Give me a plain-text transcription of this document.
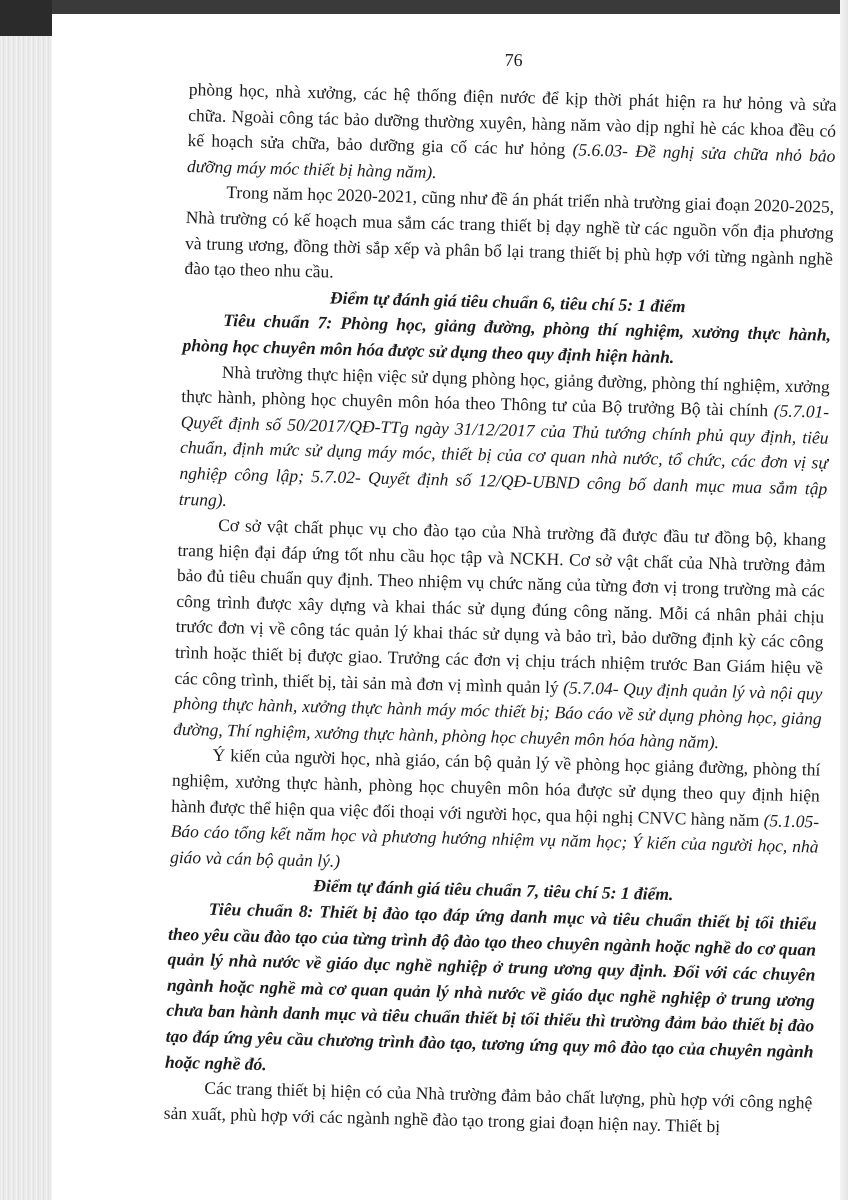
76

phòng học, nhà xưởng, các hệ thống điện nước để kịp thời phát hiện ra hư hỏng và sửa chữa. Ngoài công tác bảo dưỡng thường xuyên, hàng năm vào dịp nghỉ hè các khoa đều có kế hoạch sửa chữa, bảo dưỡng gia cố các hư hỏng (5.6.03- Đề nghị sửa chữa nhỏ bảo dưỡng máy móc thiết bị hàng năm).

Trong năm học 2020-2021, cũng như đề án phát triển nhà trường giai đoạn 2020-2025, Nhà trường có kế hoạch mua sắm các trang thiết bị dạy nghề từ các nguồn vốn địa phương và trung ương, đồng thời sắp xếp và phân bổ lại trang thiết bị phù hợp với từng ngành nghề đào tạo theo nhu cầu.

Điểm tự đánh giá tiêu chuẩn 6, tiêu chí 5: 1 điểm

Tiêu chuẩn 7: Phòng học, giảng đường, phòng thí nghiệm, xưởng thực hành, phòng học chuyên môn hóa được sử dụng theo quy định hiện hành.

Nhà trường thực hiện việc sử dụng phòng học, giảng đường, phòng thí nghiệm, xưởng thực hành, phòng học chuyên môn hóa theo Thông tư của Bộ trưởng Bộ tài chính (5.7.01- Quyết định số 50/2017/QĐ-TTg ngày 31/12/2017 của Thủ tướng chính phủ quy định, tiêu chuẩn, định mức sử dụng máy móc, thiết bị của cơ quan nhà nước, tổ chức, các đơn vị sự nghiệp công lập; 5.7.02- Quyết định số 12/QĐ-UBND công bố danh mục mua sắm tập trung).

Cơ sở vật chất phục vụ cho đào tạo của Nhà trường đã được đầu tư đồng bộ, khang trang hiện đại đáp ứng tốt nhu cầu học tập và NCKH. Cơ sở vật chất của Nhà trường đảm bảo đủ tiêu chuẩn quy định. Theo nhiệm vụ chức năng của từng đơn vị trong trường mà các công trình được xây dựng và khai thác sử dụng đúng công năng. Mỗi cá nhân phải chịu trước đơn vị về công tác quản lý khai thác sử dụng và bảo trì, bảo dưỡng định kỳ các công trình hoặc thiết bị được giao. Trưởng các đơn vị chịu trách nhiệm trước Ban Giám hiệu về các công trình, thiết bị, tài sản mà đơn vị mình quản lý (5.7.04- Quy định quản lý và nội quy phòng thực hành, xưởng thực hành máy móc thiết bị; Báo cáo về sử dụng phòng học, giảng đường, Thí nghiệm, xưởng thực hành, phòng học chuyên môn hóa hàng năm).

Ý kiến của người học, nhà giáo, cán bộ quản lý về phòng học giảng đường, phòng thí nghiệm, xưởng thực hành, phòng học chuyên môn hóa được sử dụng theo quy định hiện hành được thể hiện qua việc đối thoại với người học, qua hội nghị CNVC hàng năm (5.1.05- Báo cáo tổng kết năm học và phương hướng nhiệm vụ năm học; Ý kiến của người học, nhà giáo và cán bộ quản lý.)

Điểm tự đánh giá tiêu chuẩn 7, tiêu chí 5: 1 điểm.

Tiêu chuẩn 8: Thiết bị đào tạo đáp ứng danh mục và tiêu chuẩn thiết bị tối thiểu theo yêu cầu đào tạo của từng trình độ đào tạo theo chuyên ngành hoặc nghề do cơ quan quản lý nhà nước về giáo dục nghề nghiệp ở trung ương quy định. Đối với các chuyên ngành hoặc nghề mà cơ quan quản lý nhà nước về giáo dục nghề nghiệp ở trung ương chưa ban hành danh mục và tiêu chuẩn thiết bị tối thiểu thì trường đảm bảo thiết bị đào tạo đáp ứng yêu cầu chương trình đào tạo, tương ứng quy mô đào tạo của chuyên ngành hoặc nghề đó.

Các trang thiết bị hiện có của Nhà trường đảm bảo chất lượng, phù hợp với công nghệ sản xuất, phù hợp với các ngành nghề đào tạo trong giai đoạn hiện nay. Thiết bị
